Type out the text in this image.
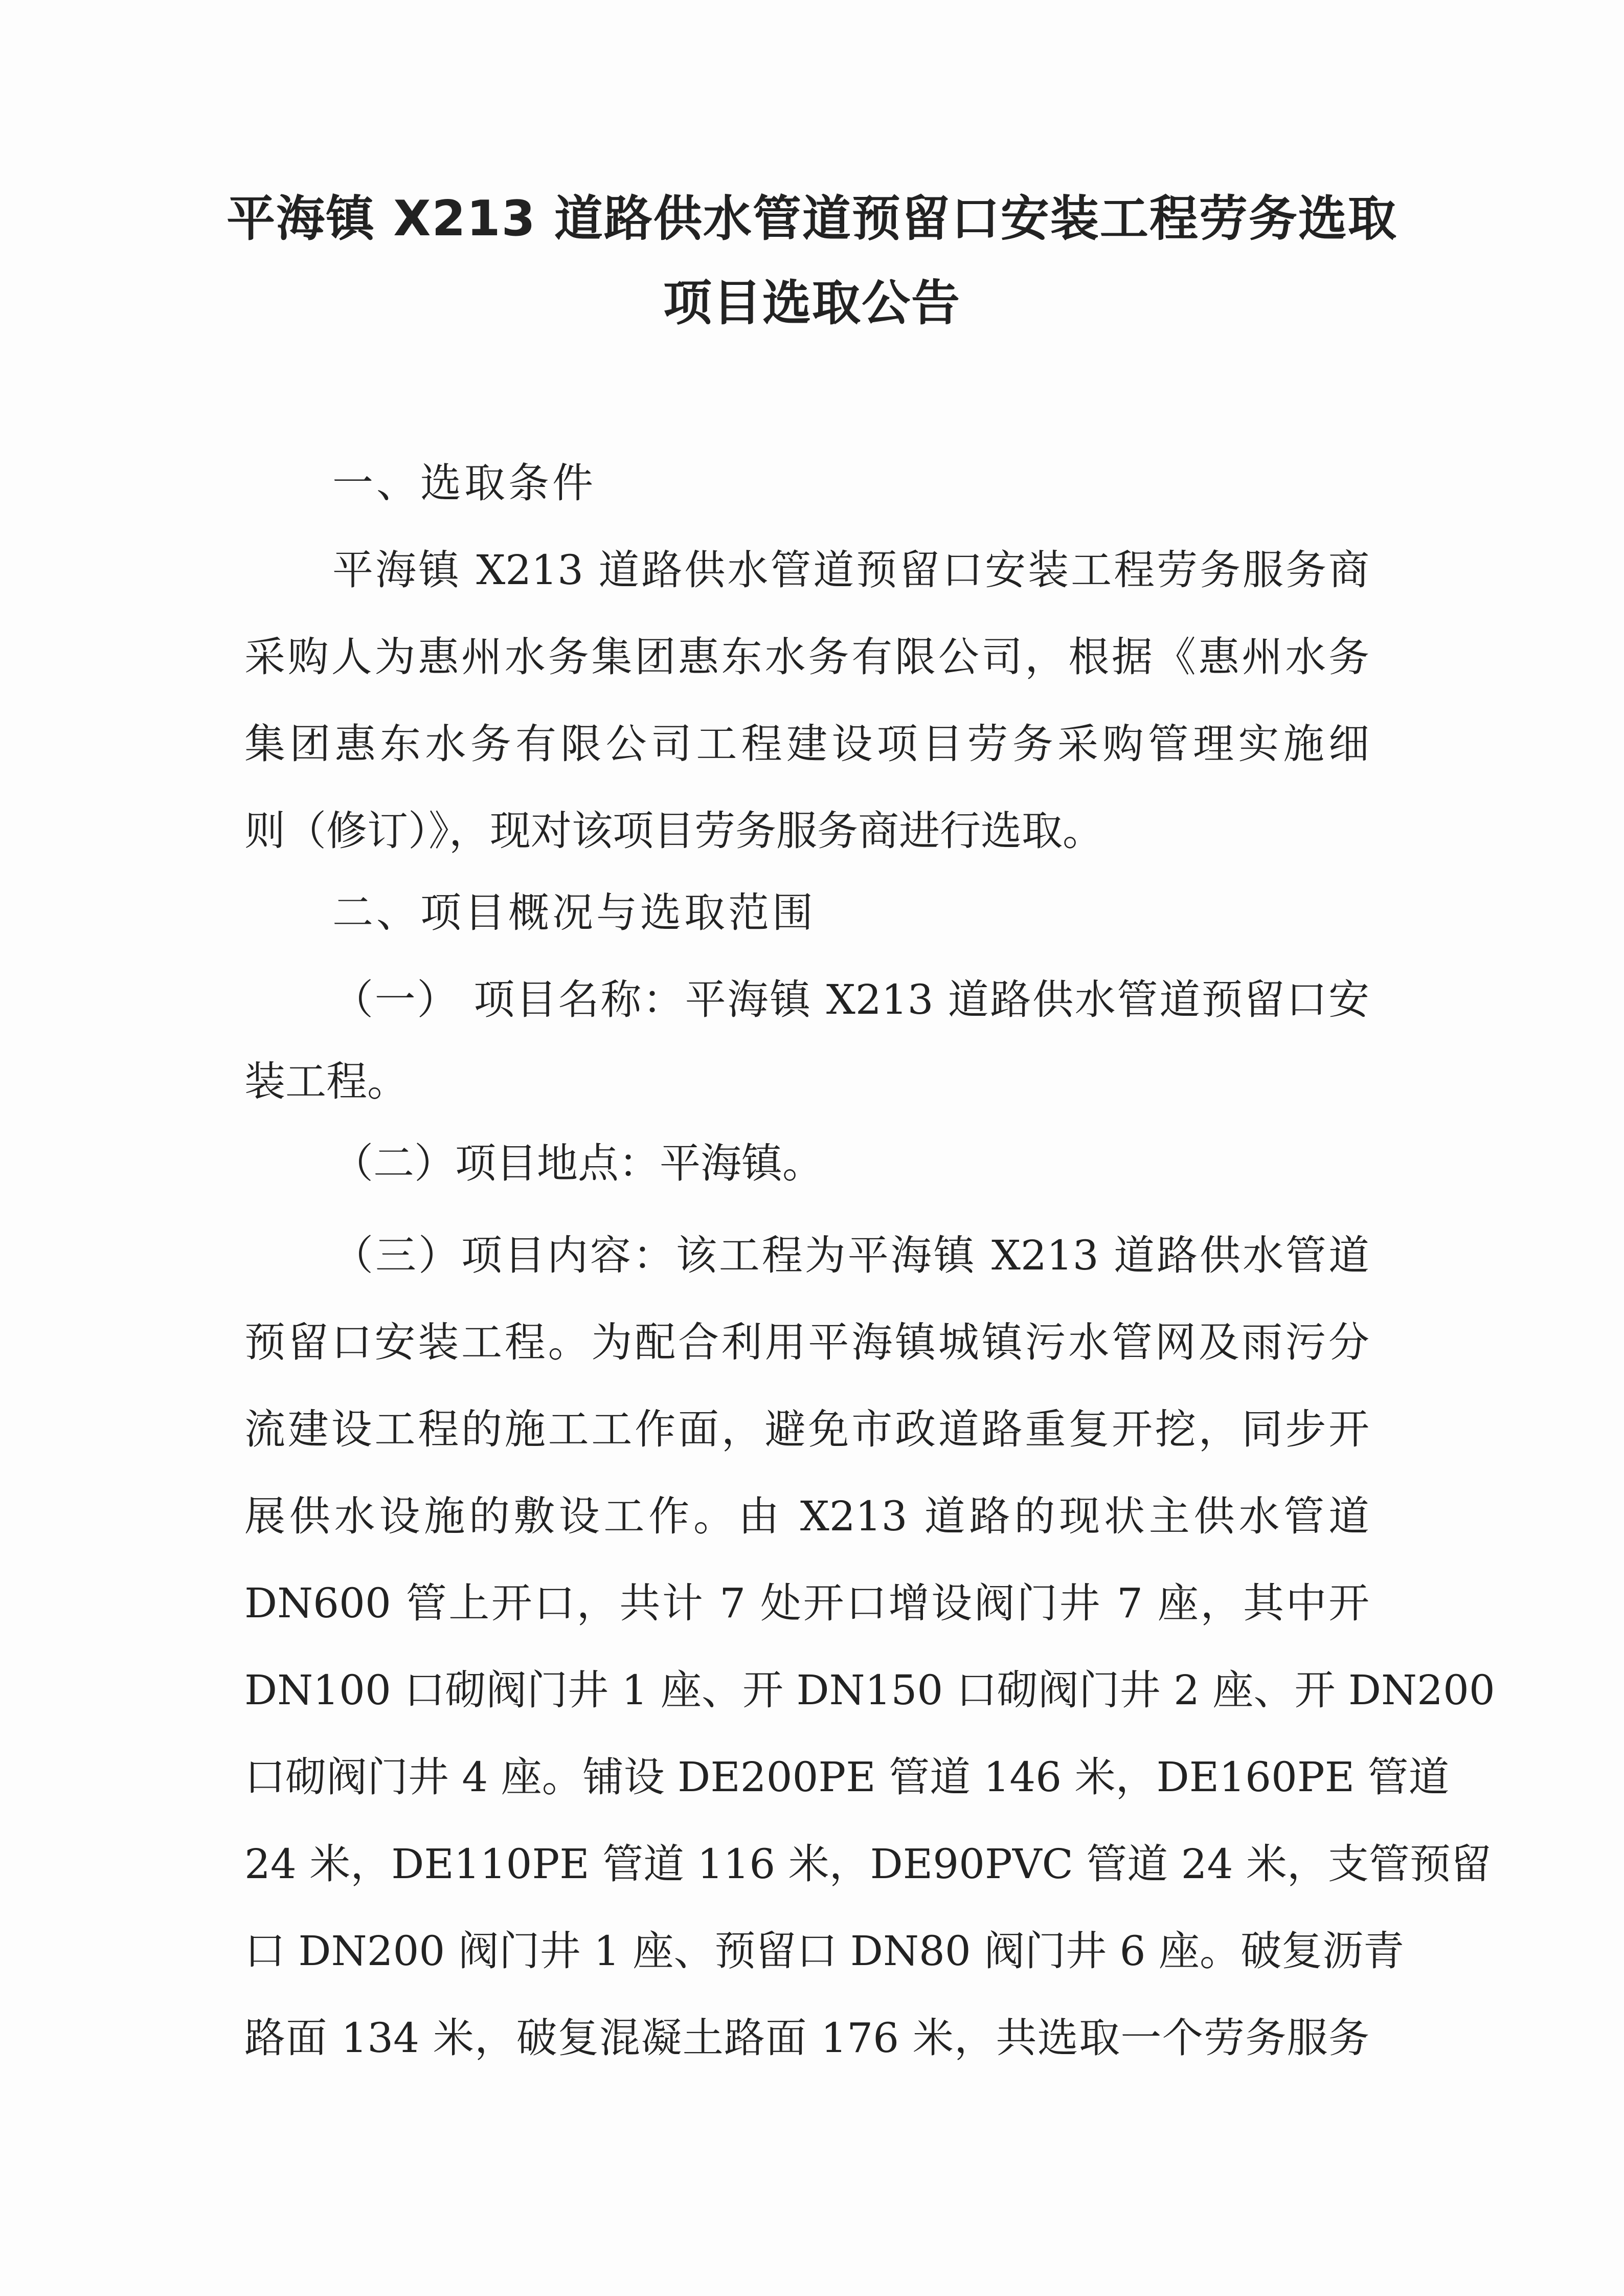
平海镇 X213 道路供水管道预留口安装工程劳务选取
项目选取公告
一、选取条件
平海镇 X213 道路供水管道预留口安装工程劳务服务商
采购人为惠州水务集团惠东水务有限公司，根据《惠州水务
集团惠东水务有限公司工程建设项目劳务采购管理实施细
则（修订）》，现对该项目劳务服务商进行选取。
二、项目概况与选取范围
（一） 项目名称：平海镇 X213 道路供水管道预留口安
装工程。
（二）项目地点：平海镇。
（三）项目内容：该工程为平海镇 X213 道路供水管道
预留口安装工程。为配合利用平海镇城镇污水管网及雨污分
流建设工程的施工工作面，避免市政道路重复开挖，同步开
展供水设施的敷设工作。由 X213 道路的现状主供水管道
DN600 管上开口，共计 7 处开口增设阀门井 7 座，其中开
DN100 口砌阀门井 1 座、开 DN150 口砌阀门井 2 座、开 DN200
口砌阀门井 4 座。铺设 DE200PE 管道 146 米，DE160PE 管道
24 米，DE110PE 管道 116 米，DE90PVC 管道 24 米，支管预留
口 DN200 阀门井 1 座、预留口 DN80 阀门井 6 座。破复沥青
路面 134 米，破复混凝土路面 176 米，共选取一个劳务服务
